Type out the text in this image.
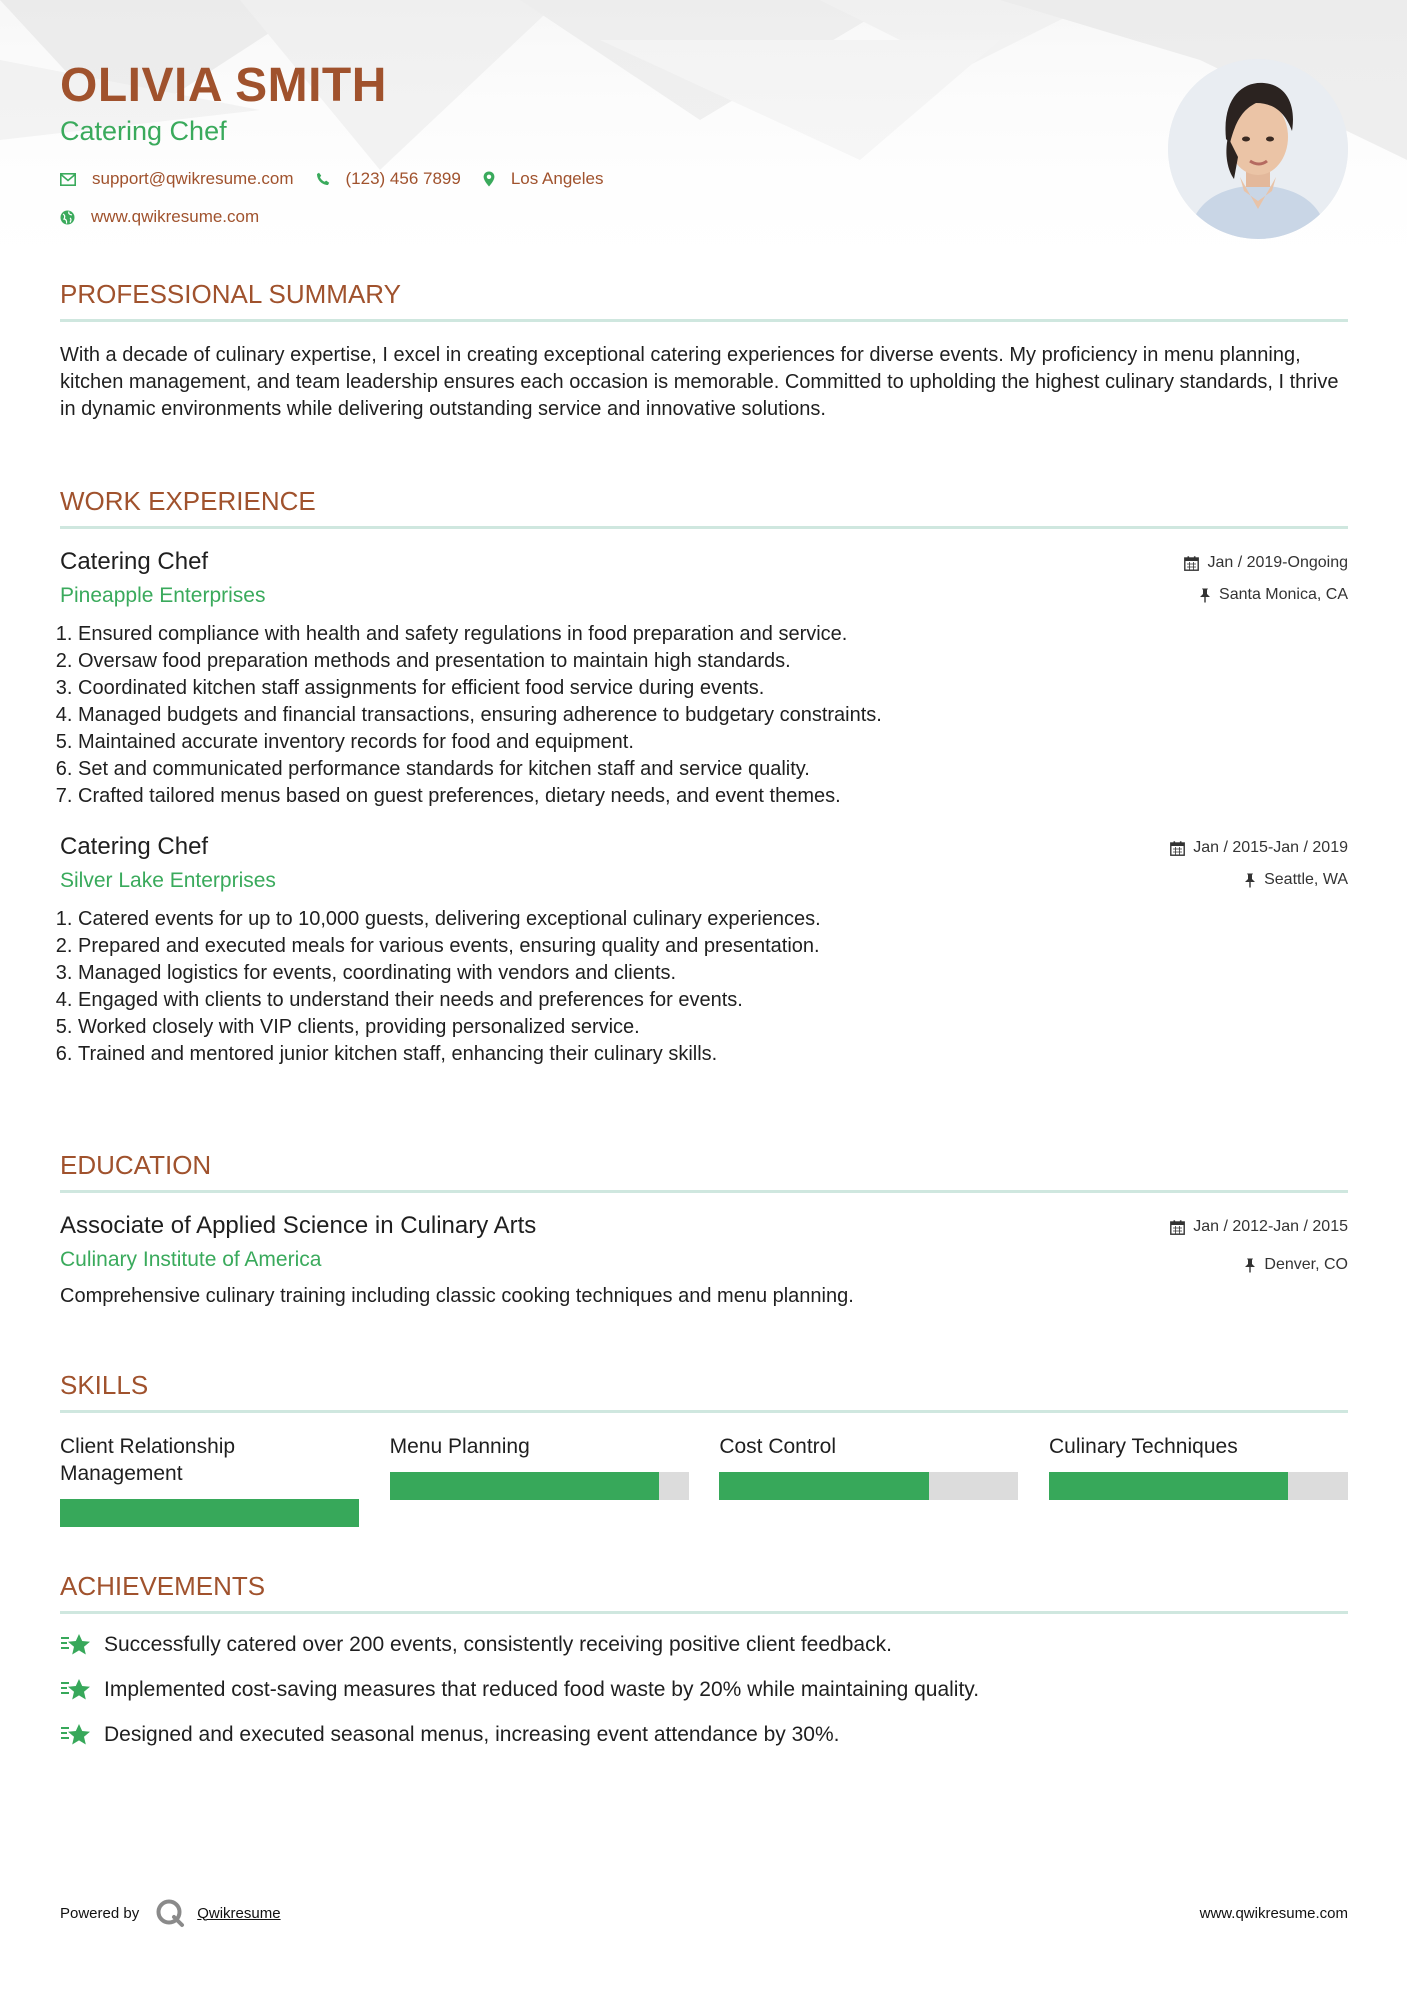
OLIVIA SMITH
Catering Chef
support@qwikresume.com	(123) 456 7899	Los Angeles
www.qwikresume.com
PROFESSIONAL SUMMARY
With a decade of culinary expertise, I excel in creating exceptional catering experiences for diverse events. My proficiency in menu planning, kitchen management, and team leadership ensures each occasion is memorable. Committed to upholding the highest culinary standards, I thrive in dynamic environments while delivering outstanding service and innovative solutions.
WORK EXPERIENCE
Catering Chef
Pineapple Enterprises
Jan / 2019-Ongoing
Santa Monica, CA
1. Ensured compliance with health and safety regulations in food preparation and service.
2. Oversaw food preparation methods and presentation to maintain high standards.
3. Coordinated kitchen staff assignments for efficient food service during events.
4. Managed budgets and financial transactions, ensuring adherence to budgetary constraints.
5. Maintained accurate inventory records for food and equipment.
6. Set and communicated performance standards for kitchen staff and service quality.
7. Crafted tailored menus based on guest preferences, dietary needs, and event themes.
Catering Chef
Silver Lake Enterprises
Jan / 2015-Jan / 2019
Seattle, WA
1. Catered events for up to 10,000 guests, delivering exceptional culinary experiences.
2. Prepared and executed meals for various events, ensuring quality and presentation.
3. Managed logistics for events, coordinating with vendors and clients.
4. Engaged with clients to understand their needs and preferences for events.
5. Worked closely with VIP clients, providing personalized service.
6. Trained and mentored junior kitchen staff, enhancing their culinary skills.
EDUCATION
Associate of Applied Science in Culinary Arts
Culinary Institute of America
Jan / 2012-Jan / 2015
Denver, CO
Comprehensive culinary training including classic cooking techniques and menu planning.
SKILLS
Client Relationship Management
Menu Planning	Cost Control	Culinary Techniques
ACHIEVEMENTS
Successfully catered over 200 events, consistently receiving positive client feedback.
Implemented cost-saving measures that reduced food waste by 20% while maintaining quality.
Designed and executed seasonal menus, increasing event attendance by 30%.
Powered by	Qwikresume	www.qwikresume.com
